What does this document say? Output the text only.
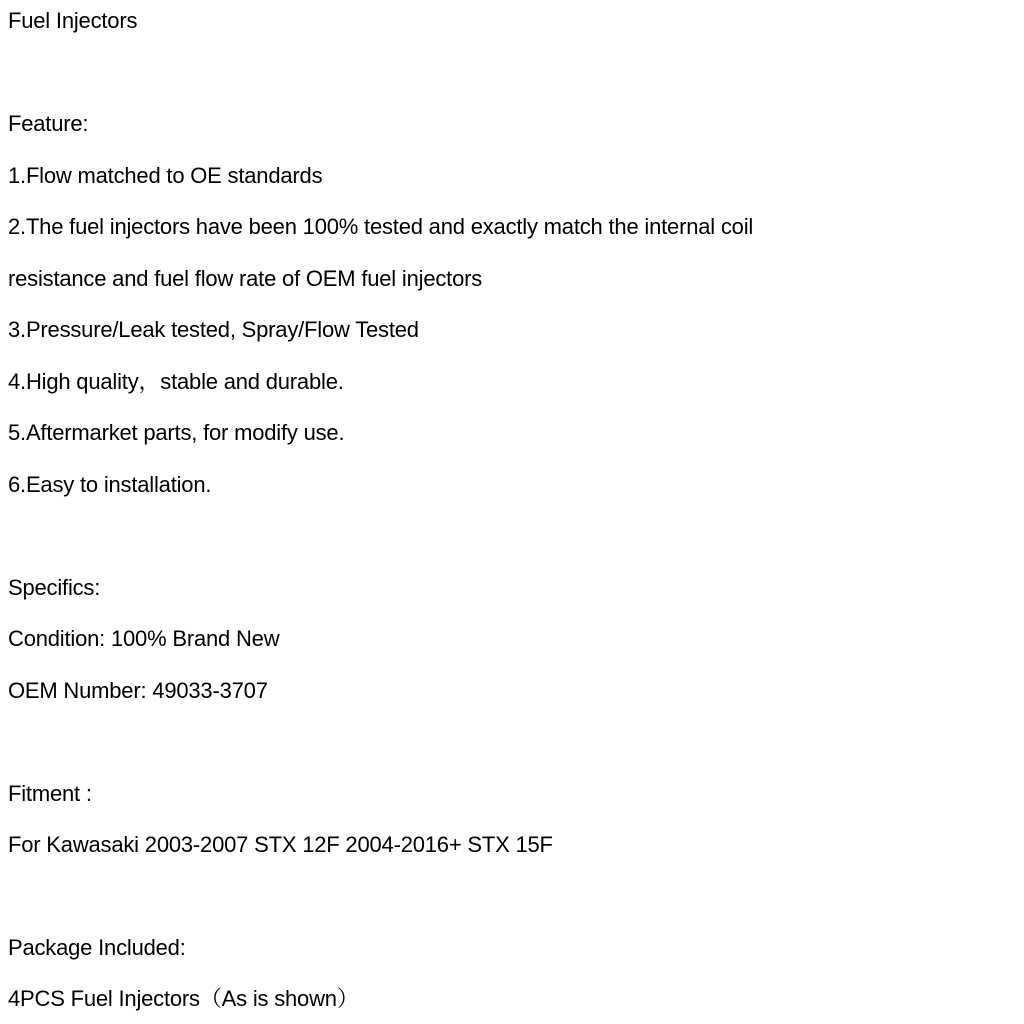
Fuel Injectors
Feature:
1.Flow matched to OE standards
2.The fuel injectors have been 100% tested and exactly match the internal coil
resistance and fuel flow rate of OEM fuel injectors
3.Pressure/Leak tested, Spray/Flow Tested
4.High quality，stable and durable.
5.Aftermarket parts, for modify use.
6.Easy to installation.
Specifics:
Condition: 100% Brand New
OEM Number: 49033-3707
Fitment :
For Kawasaki 2003-2007 STX 12F 2004-2016+ STX 15F
Package Included:
4PCS Fuel Injectors（As is shown）
